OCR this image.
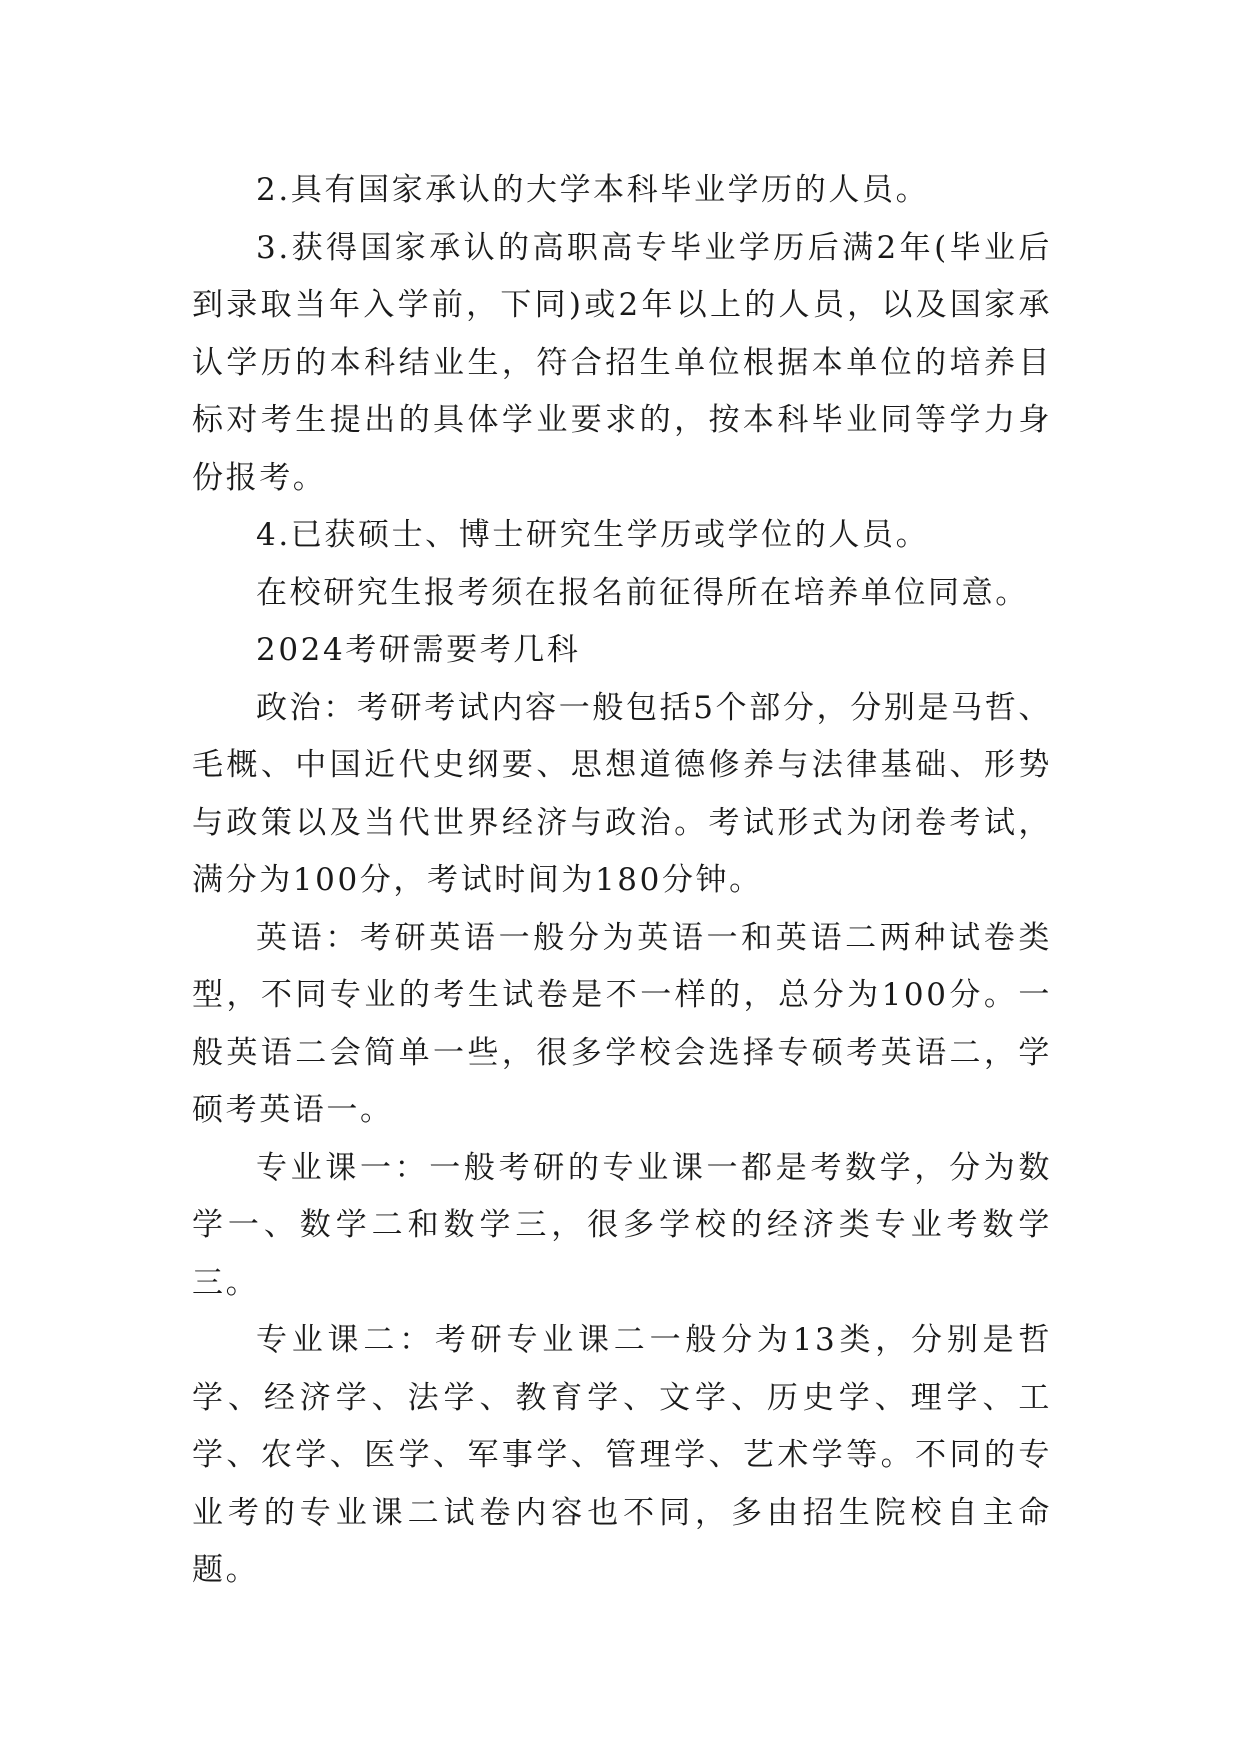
2.具有国家承认的大学本科毕业学历的人员。

3.获得国家承认的高职高专毕业学历后满2年(毕业后到录取当年入学前，下同)或2年以上的人员，以及国家承认学历的本科结业生，符合招生单位根据本单位的培养目标对考生提出的具体学业要求的，按本科毕业同等学力身份报考。

4.已获硕士、博士研究生学历或学位的人员。

在校研究生报考须在报名前征得所在培养单位同意。

2024考研需要考几科

政治：考研考试内容一般包括5个部分，分别是马哲、毛概、中国近代史纲要、思想道德修养与法律基础、形势与政策以及当代世界经济与政治。考试形式为闭卷考试，满分为100分，考试时间为180分钟。

英语：考研英语一般分为英语一和英语二两种试卷类型，不同专业的考生试卷是不一样的，总分为100分。一般英语二会简单一些，很多学校会选择专硕考英语二，学硕考英语一。

专业课一：一般考研的专业课一都是考数学，分为数学一、数学二和数学三，很多学校的经济类专业考数学三。

专业课二：考研专业课二一般分为13类，分别是哲学、经济学、法学、教育学、文学、历史学、理学、工学、农学、医学、军事学、管理学、艺术学等。不同的专业考的专业课二试卷内容也不同，多由招生院校自主命题。
